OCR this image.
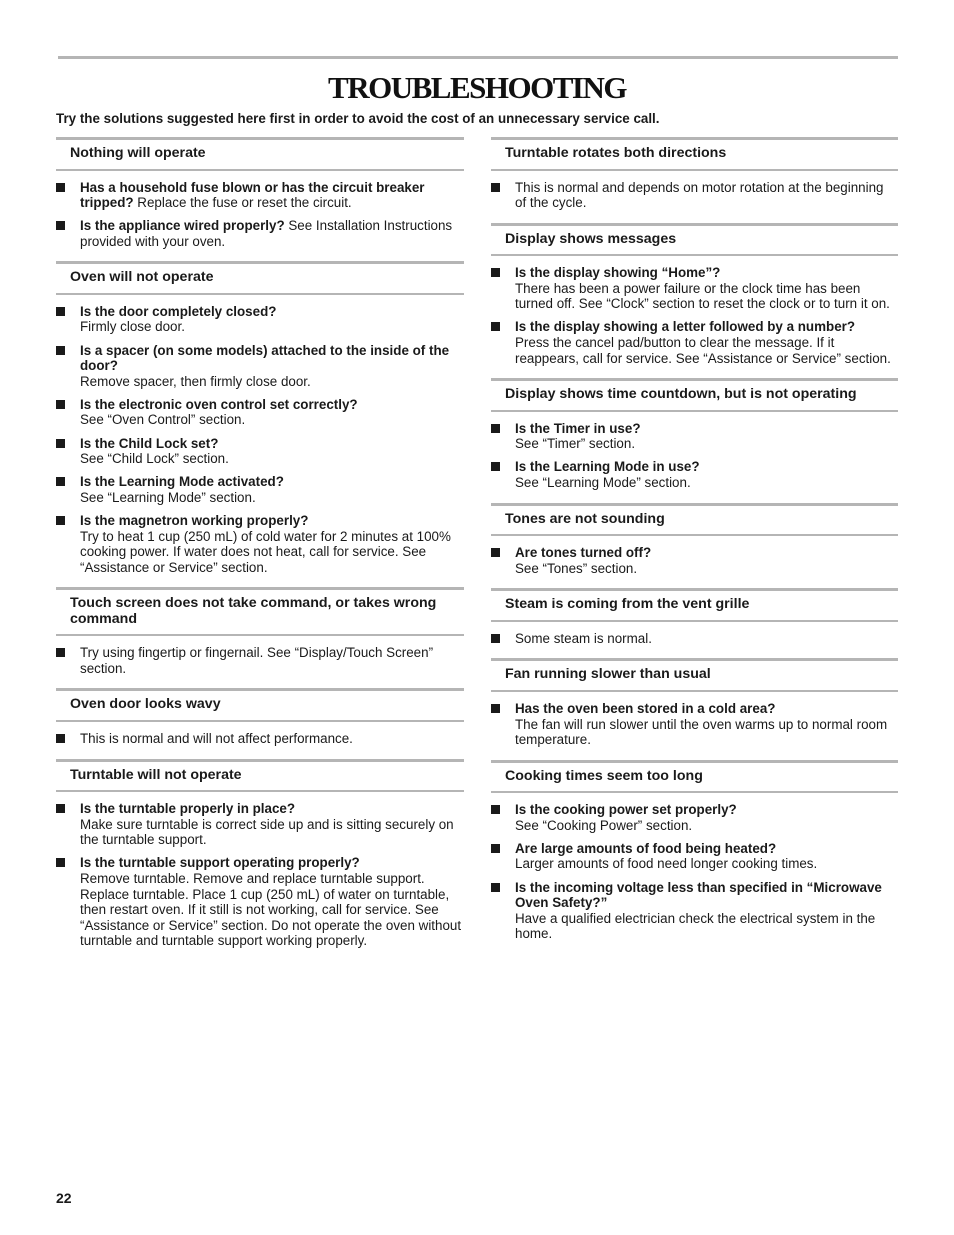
TROUBLESHOOTING
Try the solutions suggested here first in order to avoid the cost of an unnecessary service call.
Nothing will operate
Has a household fuse blown or has the circuit breaker tripped? Replace the fuse or reset the circuit.
Is the appliance wired properly? See Installation Instructions provided with your oven.
Oven will not operate
Is the door completely closed?
Firmly close door.
Is a spacer (on some models) attached to the inside of the door?
Remove spacer, then firmly close door.
Is the electronic oven control set correctly?
See “Oven Control” section.
Is the Child Lock set?
See “Child Lock” section.
Is the Learning Mode activated?
See “Learning Mode” section.
Is the magnetron working properly?
Try to heat 1 cup (250 mL) of cold water for 2 minutes at 100% cooking power. If water does not heat, call for service. See “Assistance or Service” section.
Touch screen does not take command, or takes wrong command
Try using fingertip or fingernail. See “Display/Touch Screen” section.
Oven door looks wavy
This is normal and will not affect performance.
Turntable will not operate
Is the turntable properly in place?
Make sure turntable is correct side up and is sitting securely on the turntable support.
Is the turntable support operating properly?
Remove turntable. Remove and replace turntable support. Replace turntable. Place 1 cup (250 mL) of water on turntable, then restart oven. If it still is not working, call for service. See “Assistance or Service” section. Do not operate the oven without turntable and turntable support working properly.
Turntable rotates both directions
This is normal and depends on motor rotation at the beginning of the cycle.
Display shows messages
Is the display showing “Home”?
There has been a power failure or the clock time has been turned off. See “Clock” section to reset the clock or to turn it on.
Is the display showing a letter followed by a number?
Press the cancel pad/button to clear the message. If it reappears, call for service. See “Assistance or Service” section.
Display shows time countdown, but is not operating
Is the Timer in use?
See “Timer” section.
Is the Learning Mode in use?
See “Learning Mode” section.
Tones are not sounding
Are tones turned off?
See “Tones” section.
Steam is coming from the vent grille
Some steam is normal.
Fan running slower than usual
Has the oven been stored in a cold area?
The fan will run slower until the oven warms up to normal room temperature.
Cooking times seem too long
Is the cooking power set properly?
See “Cooking Power” section.
Are large amounts of food being heated?
Larger amounts of food need longer cooking times.
Is the incoming voltage less than specified in “Microwave Oven Safety?”
Have a qualified electrician check the electrical system in the home.
22
